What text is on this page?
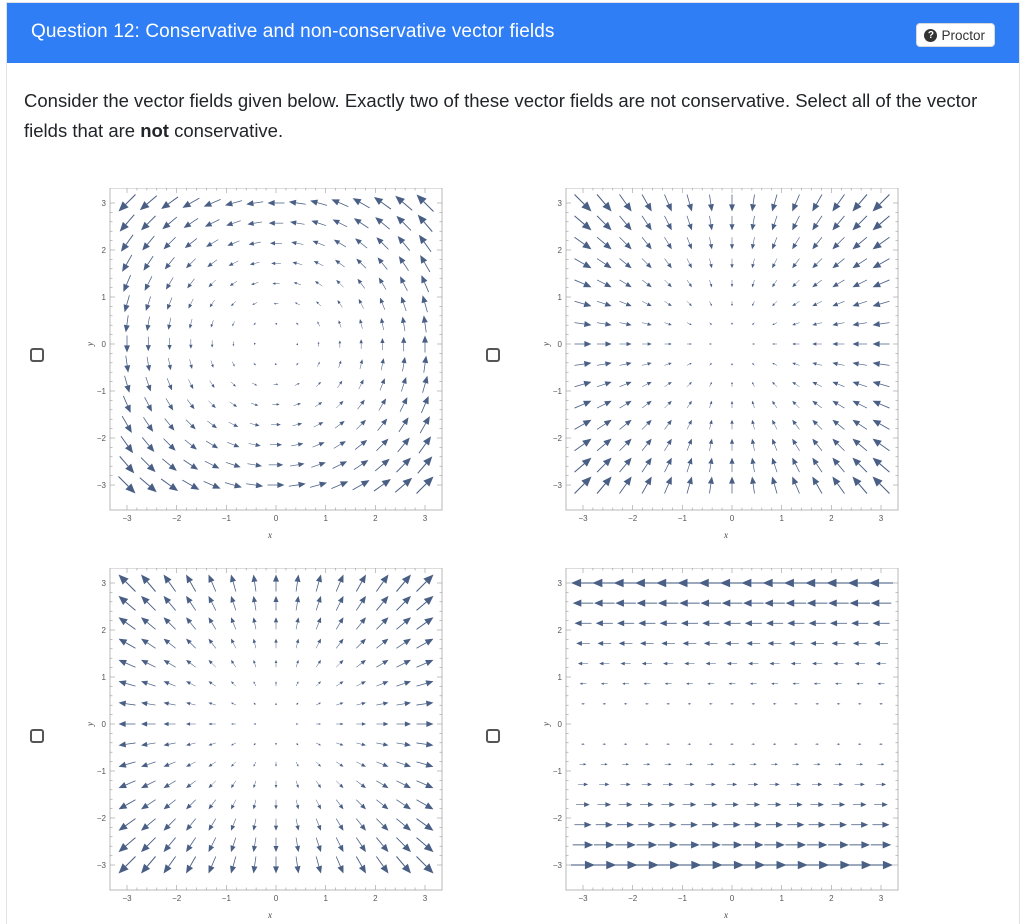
Question 12: Conservative and non-conservative vector fields	? Proctor
Consider the vector fields given below. Exactly two of these vector fields are not conservative. Select all of the vector fields that are not conservative.
−3	−2	−1	0	1	2	3
3
2
1
0
−1
−2
−3
x
y
−3	−2	−1	0	1	2	3
3
2
1
0
−1
−2
−3
x
y
−3	−2	−1	0	1	2	3
3
2
1
0
−1
−2
−3
x
y
−3	−2	−1	0	1	2	3
3
2
1
0
−1
−2
−3
x
y
